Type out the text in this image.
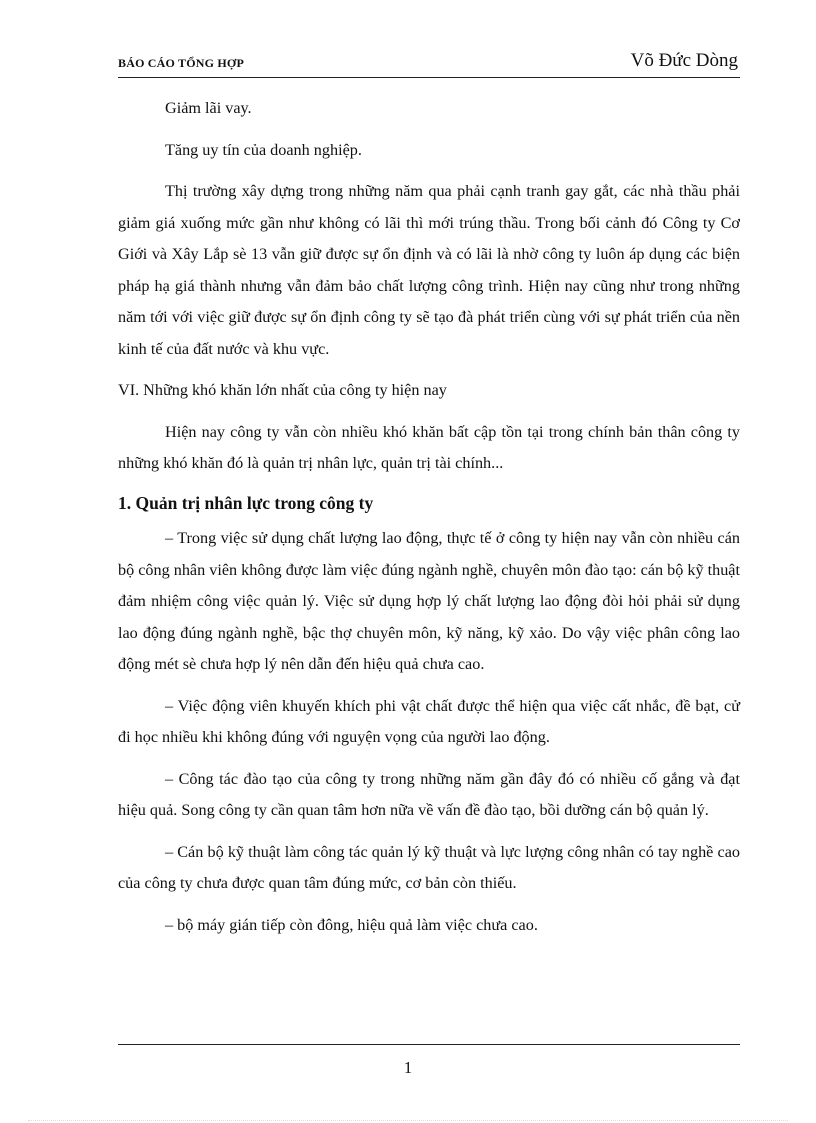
BÁO CÁO TỔNG HỢP	Võ Đức Dòng

Giảm lãi vay.

Tăng uy tín của doanh nghiệp.

Thị trường xây dựng trong những năm qua phải cạnh tranh gay gắt, các nhà thầu phải giảm giá xuống mức gần như không có lãi thì mới trúng thầu. Trong bối cảnh đó Công ty Cơ Giới và Xây Lắp sè 13 vẫn giữ được sự ổn định và có lãi là nhờ công ty luôn áp dụng các biện pháp hạ giá thành nhưng vẫn đảm bảo chất lượng công trình. Hiện nay cũng như trong những năm tới với việc giữ được sự ổn định công ty sẽ tạo đà phát triển cùng với sự phát triển của nền kinh tế của đất nước và khu vực.

VI. Những khó khăn lớn nhất của công ty hiện nay

Hiện nay công ty vẫn còn nhiều khó khăn bất cập tồn tại trong chính bản thân công ty những khó khăn đó là quản trị nhân lực, quản trị tài chính...

1. Quản trị nhân lực trong công ty

– Trong việc sử dụng chất lượng lao động, thực tế ở công ty hiện nay vẫn còn nhiều cán bộ công nhân viên không được làm việc đúng ngành nghề, chuyên môn đào tạo: cán bộ kỹ thuật đảm nhiệm công việc quản lý. Việc sử dụng hợp lý chất lượng lao động đòi hỏi phải sử dụng lao động đúng ngành nghề, bậc thợ chuyên môn, kỹ năng, kỹ xảo. Do vậy việc phân công lao động mét sè chưa hợp lý nên dẫn đến hiệu quả chưa cao.

– Việc động viên khuyến khích phi vật chất được thể hiện qua việc cất nhắc, đề bạt, cử đi học nhiều khi không đúng với nguyện vọng của người lao động.

– Công tác đào tạo của công ty trong những năm gần đây đó có nhiều cố gắng và đạt hiệu quả. Song công ty cần quan tâm hơn nữa về vấn đề đào tạo, bồi dưỡng cán bộ quản lý.

– Cán bộ kỹ thuật làm công tác quản lý kỹ thuật và lực lượng công nhân có tay nghề cao của công ty chưa được quan tâm đúng mức, cơ bản còn thiếu.

– bộ máy gián tiếp còn đông, hiệu quả làm việc chưa cao.

1
